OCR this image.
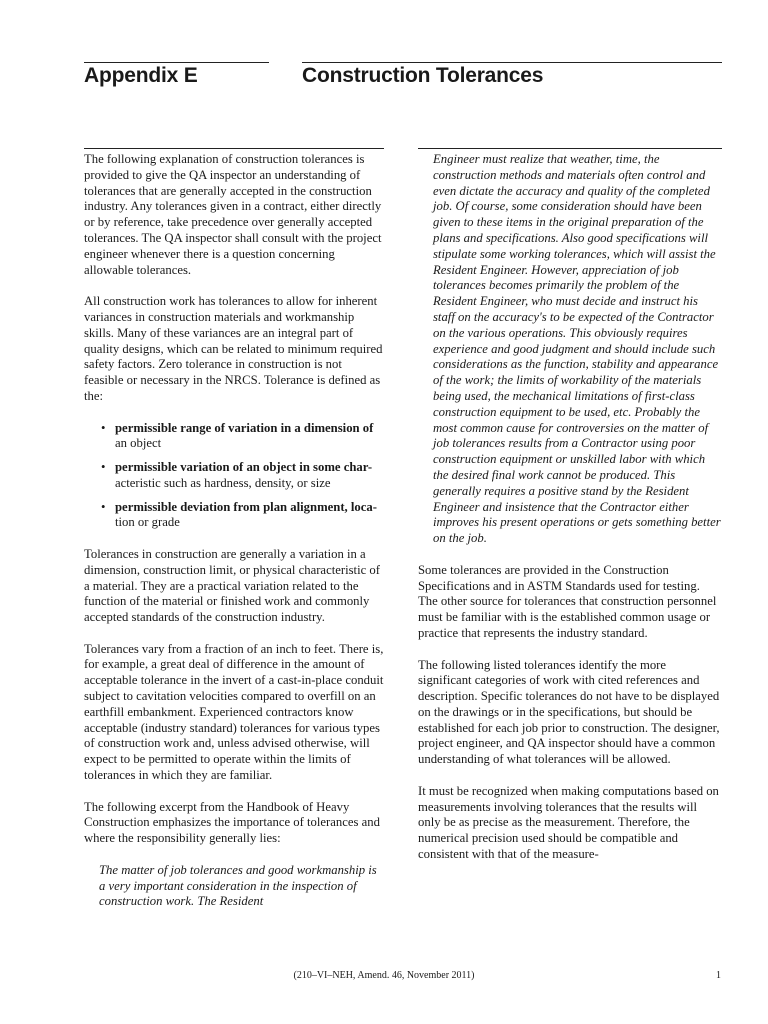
Appendix E	Construction Tolerances

The following explanation of construction tolerances is provided to give the QA inspector an understanding of tolerances that are generally accepted in the construction industry. Any tolerances given in a contract, either directly or by reference, take precedence over generally accepted tolerances. The QA inspector shall consult with the project engineer whenever there is a question concerning allowable tolerances.

All construction work has tolerances to allow for inherent variances in construction materials and workmanship skills. Many of these variances are an integral part of quality designs, which can be related to minimum required safety factors. Zero tolerance in construction is not feasible or necessary in the NRCS. Tolerance is defined as the:

• permissible range of variation in a dimension of
an object
• permissible variation of an object in some char-
acteristic such as hardness, density, or size
• permissible deviation from plan alignment, loca-
tion or grade

Tolerances in construction are generally a variation in a dimension, construction limit, or physical characteristic of a material. They are a practical variation related to the function of the material or finished work and commonly accepted standards of the construction industry.

Tolerances vary from a fraction of an inch to feet. There is, for example, a great deal of difference in the amount of acceptable tolerance in the invert of a cast-in-place conduit subject to cavitation velocities compared to overfill on an earthfill embankment. Experienced contractors know acceptable (industry standard) tolerances for various types of construction work and, unless advised otherwise, will expect to be permitted to operate within the limits of tolerances in which they are familiar.

The following excerpt from the Handbook of Heavy Construction emphasizes the importance of tolerances and where the responsibility generally lies:

The matter of job tolerances and good workmanship is a very important consideration in the inspection of construction work. The Resident

Engineer must realize that weather, time, the construction methods and materials often control and even dictate the accuracy and quality of the completed job. Of course, some consideration should have been given to these items in the original preparation of the plans and specifications. Also good specifications will stipulate some working tolerances, which will assist the Resident Engineer. However, appreciation of job tolerances becomes primarily the problem of the Resident Engineer, who must decide and instruct his staff on the accuracy's to be expected of the Contractor on the various operations. This obviously requires experience and good judgment and should include such considerations as the function, stability and appearance of the work; the limits of workability of the materials being used, the mechanical limitations of first-class construction equipment to be used, etc. Probably the most common cause for controversies on the matter of job tolerances results from a Contractor using poor construction equipment or unskilled labor with which the desired final work cannot be produced. This generally requires a positive stand by the Resident Engineer and insistence that the Contractor either improves his present operations or gets something better on the job.

Some tolerances are provided in the Construction Specifications and in ASTM Standards used for testing. The other source for tolerances that construction personnel must be familiar with is the established common usage or practice that represents the industry standard.

The following listed tolerances identify the more significant categories of work with cited references and description. Specific tolerances do not have to be displayed on the drawings or in the specifications, but should be established for each job prior to construction. The designer, project engineer, and QA inspector should have a common understanding of what tolerances will be allowed.

It must be recognized when making computations based on measurements involving tolerances that the results will only be as precise as the measurement. Therefore, the numerical precision used should be compatible and consistent with that of the measure-

(210–VI–NEH, Amend. 46, November 2011)	1
